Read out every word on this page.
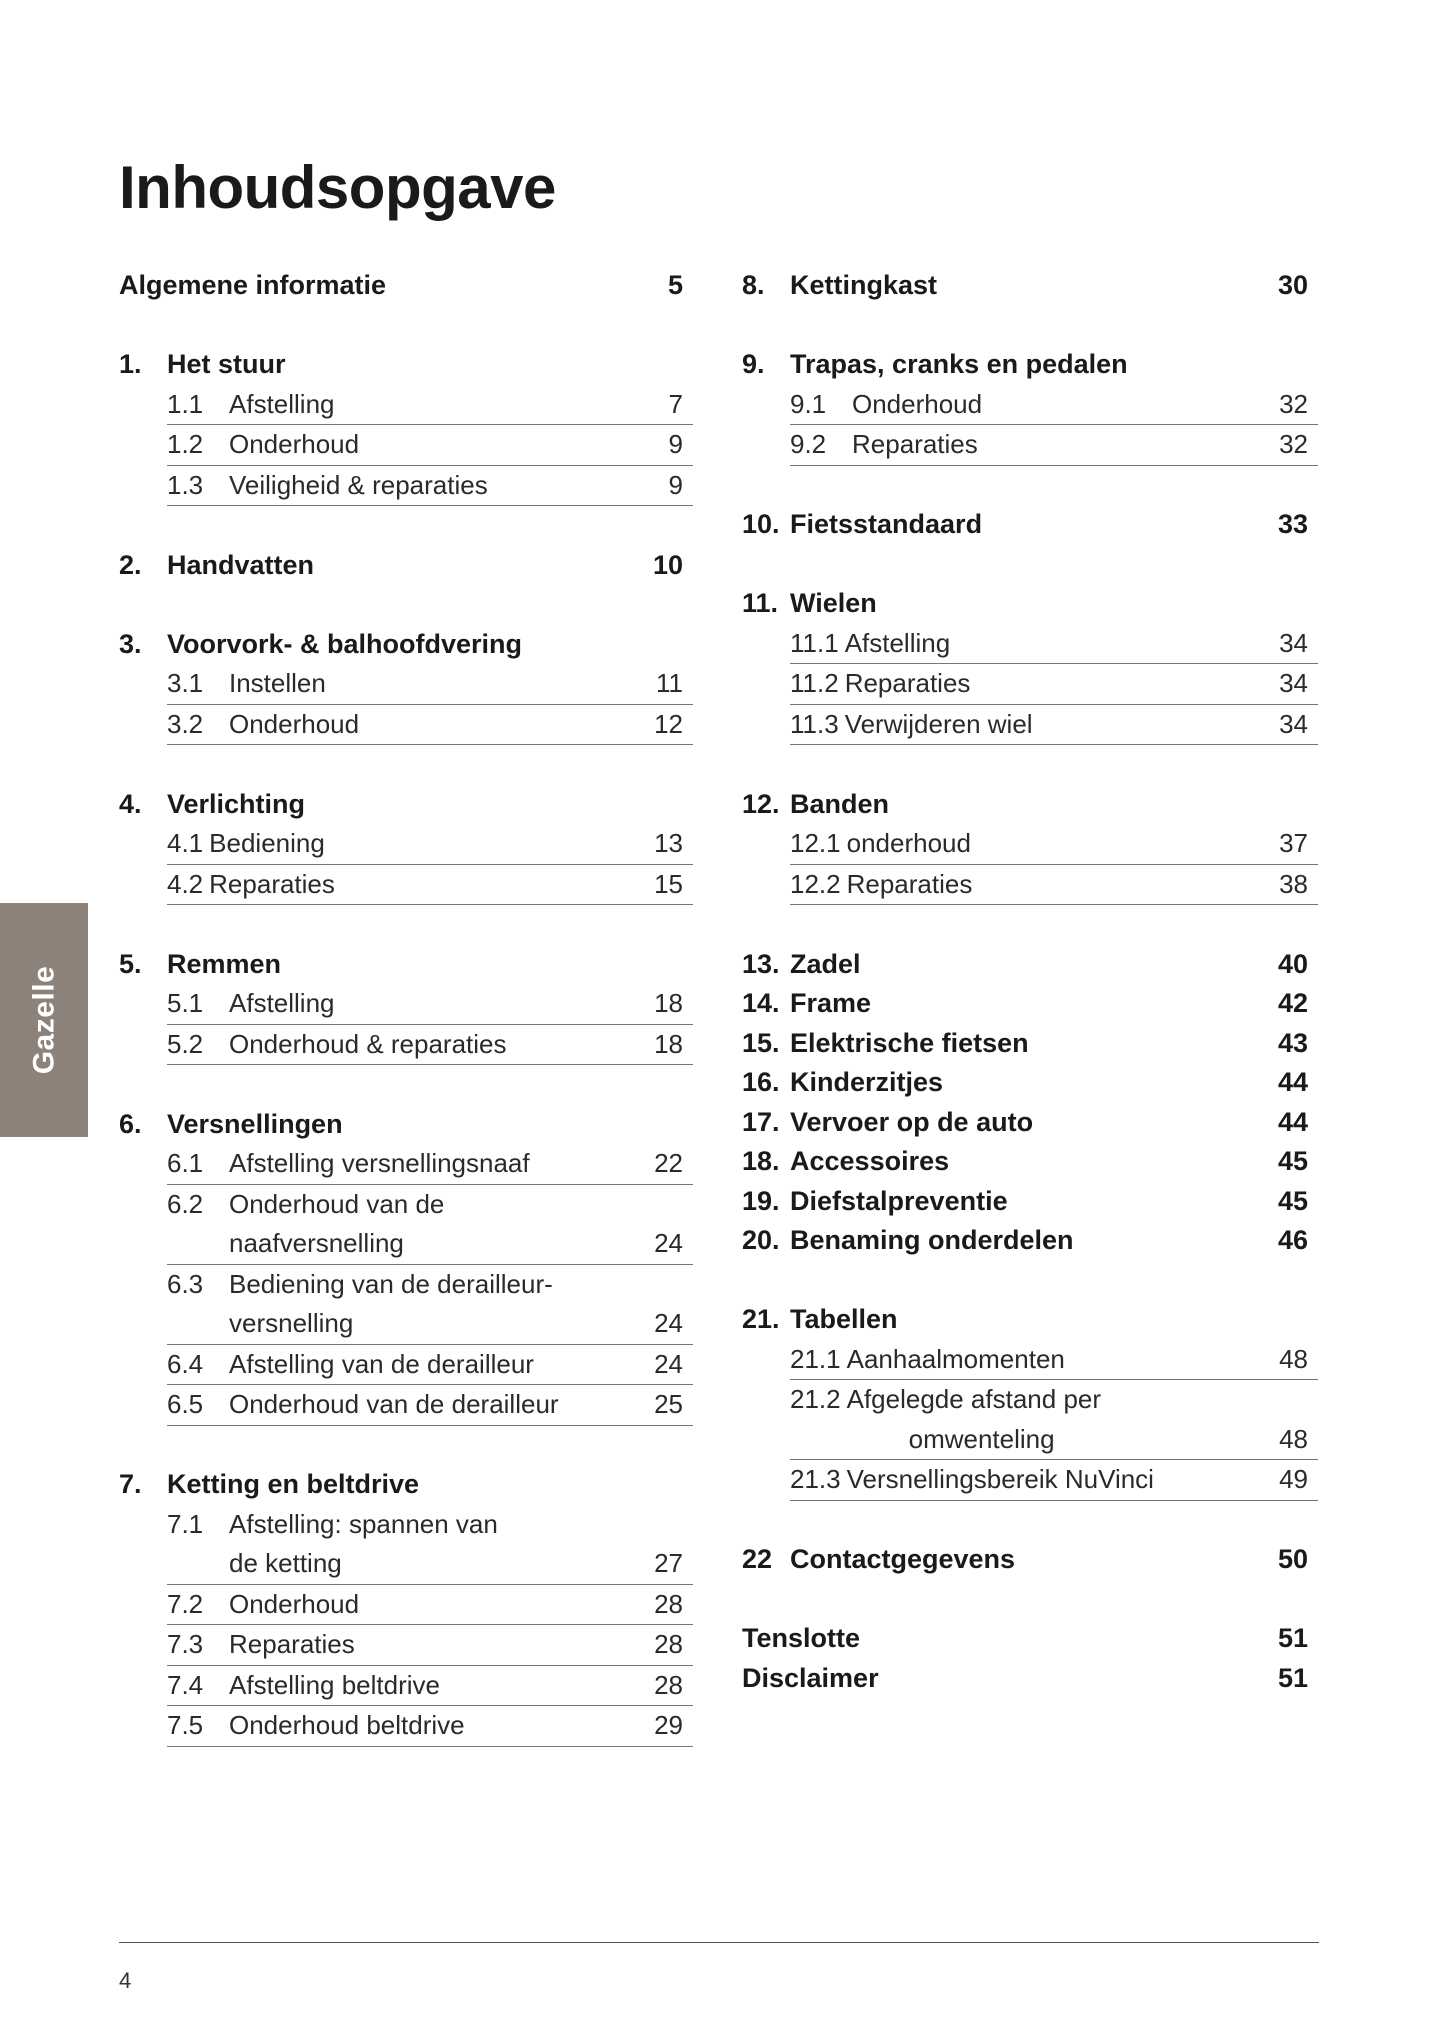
Inhoudsopgave
Gazelle
Algemene informatie	5
1. Het stuur
1.1 Afstelling	7
1.2 Onderhoud	9
1.3 Veiligheid & reparaties	9
2. Handvatten	10
3. Voorvork- & balhoofdvering
3.1 Instellen	11
3.2 Onderhoud	12
4. Verlichting
4.1 Bediening	13
4.2 Reparaties	15
5. Remmen
5.1 Afstelling	18
5.2 Onderhoud & reparaties	18
6. Versnellingen
6.1 Afstelling versnellingsnaaf	22
6.2 Onderhoud van de
naafversnelling	24
6.3 Bediening van de derailleur-
versnelling	24
6.4 Afstelling van de derailleur	24
6.5 Onderhoud van de derailleur	25
7. Ketting en beltdrive
7.1 Afstelling: spannen van
de ketting	27
7.2 Onderhoud	28
7.3 Reparaties	28
7.4 Afstelling beltdrive	28
7.5 Onderhoud beltdrive	29
8. Kettingkast	30
9. Trapas, cranks en pedalen
9.1 Onderhoud	32
9.2 Reparaties	32
10. Fietsstandaard	33
11. Wielen
11.1 Afstelling	34
11.2 Reparaties	34
11.3 Verwijderen wiel	34
12. Banden
12.1 onderhoud	37
12.2 Reparaties	38
13. Zadel	40
14. Frame	42
15. Elektrische fietsen	43
16. Kinderzitjes	44
17. Vervoer op de auto	44
18. Accessoires	45
19. Diefstalpreventie	45
20. Benaming onderdelen	46
21. Tabellen
21.1 Aanhaalmomenten	48
21.2 Afgelegde afstand per
omwenteling	48
21.3 Versnellingsbereik NuVinci	49
22 Contactgegevens	50
Tenslotte	51
Disclaimer	51
4
